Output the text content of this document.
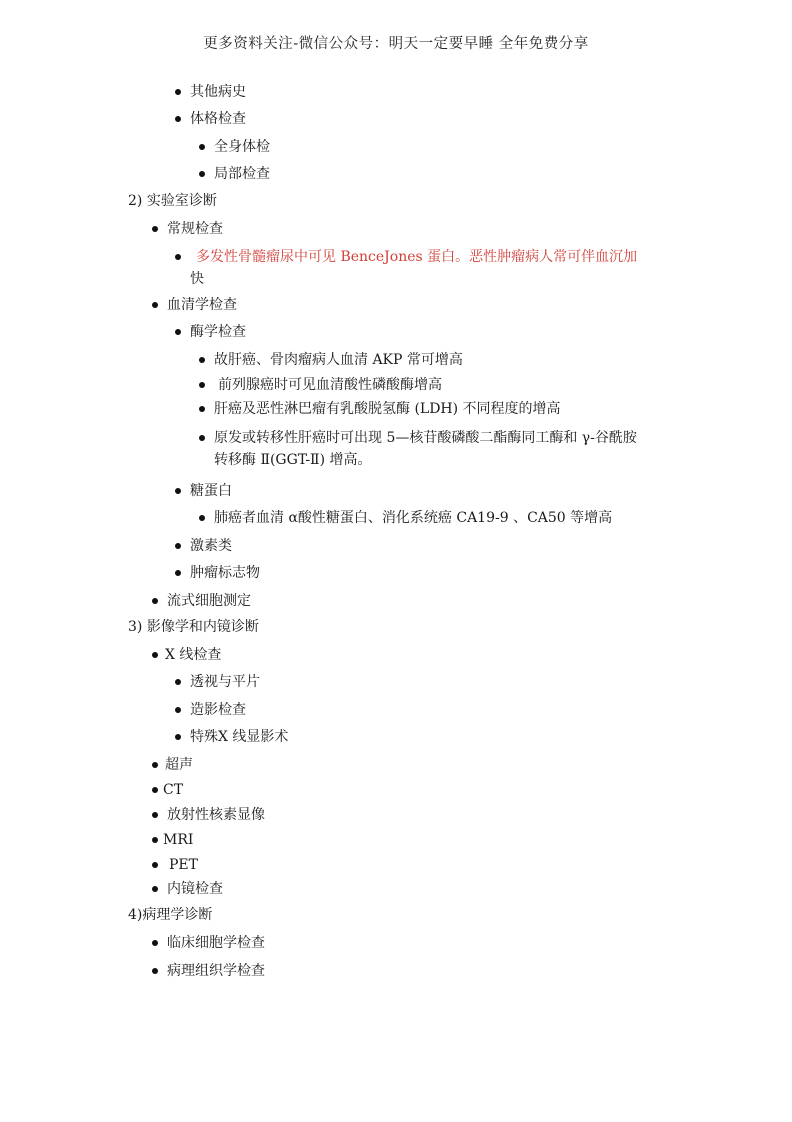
更多资料关注-微信公众号：明天一定要早睡 全年免费分享
其他病史
体格检查
全身体检
局部检查
2) 实验室诊断
常规检查
多发性骨髓瘤尿中可见 BenceJones 蛋白。恶性肿瘤病人常可伴血沉加
快
血清学检查
酶学检查
故肝癌、骨肉瘤病人血清 AKP 常可增高
前列腺癌时可见血清酸性磷酸酶增高
肝癌及恶性淋巴瘤有乳酸脱氢酶 (LDH) 不同程度的增高
原发或转移性肝癌时可出现 5—核苷酸磷酸二酯酶同工酶和 γ-谷酰胺
转移酶 Ⅱ(GGT-Ⅱ) 增高。
糖蛋白
肺癌者血清 α酸性糖蛋白、消化系统癌 CA19-9 、CA50 等增高
激素类
肿瘤标志物
流式细胞测定
3) 影像学和内镜诊断
X 线检查
透视与平片
造影检查
特殊X 线显影术
超声
CT
放射性核素显像
MRI
PET
内镜检查
4)病理学诊断
临床细胞学检查
病理组织学检查
